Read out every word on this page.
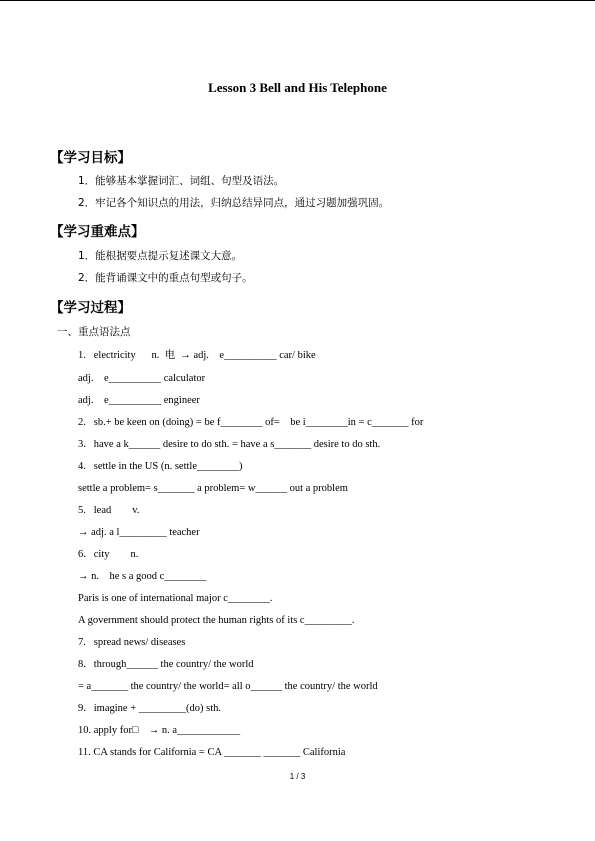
Lesson 3 Bell and His Telephone
【学习目标】
1．能够基本掌握词汇、词组、句型及语法。
2．牢记各个知识点的用法，归纳总结异同点，通过习题加强巩固。
【学习重难点】
1．能根据要点提示复述课文大意。
2．能背诵课文中的重点句型或句子。
【学习过程】
一、重点语法点
1.   electricity      n.  电  → adj.    e__________ car/ bike
adj.    e__________ calculator
adj.    e__________ engineer
2.   sb.+ be keen on (doing) = be f________ of=    be i________in = c_______ for
3.   have a k______ desire to do sth. = have a s_______ desire to do sth.
4.   settle in the US (n. settle________)
settle a problem= s_______ a problem= w______ out a problem
5.   lead        v.
→ adj. a l_________ teacher
6.   city        n.
→ n.    he s a good c________
Paris is one of international major c________.
A government should protect the human rights of its c_________.
7.   spread news/ diseases
8.   through______ the country/ the world
= a_______ the country/ the world= all o______ the country/ the world
9.   imagine + _________(do) sth.
10. apply for□    → n. a____________
11. CA stands for California = CA _______ _______ California
1 / 3
